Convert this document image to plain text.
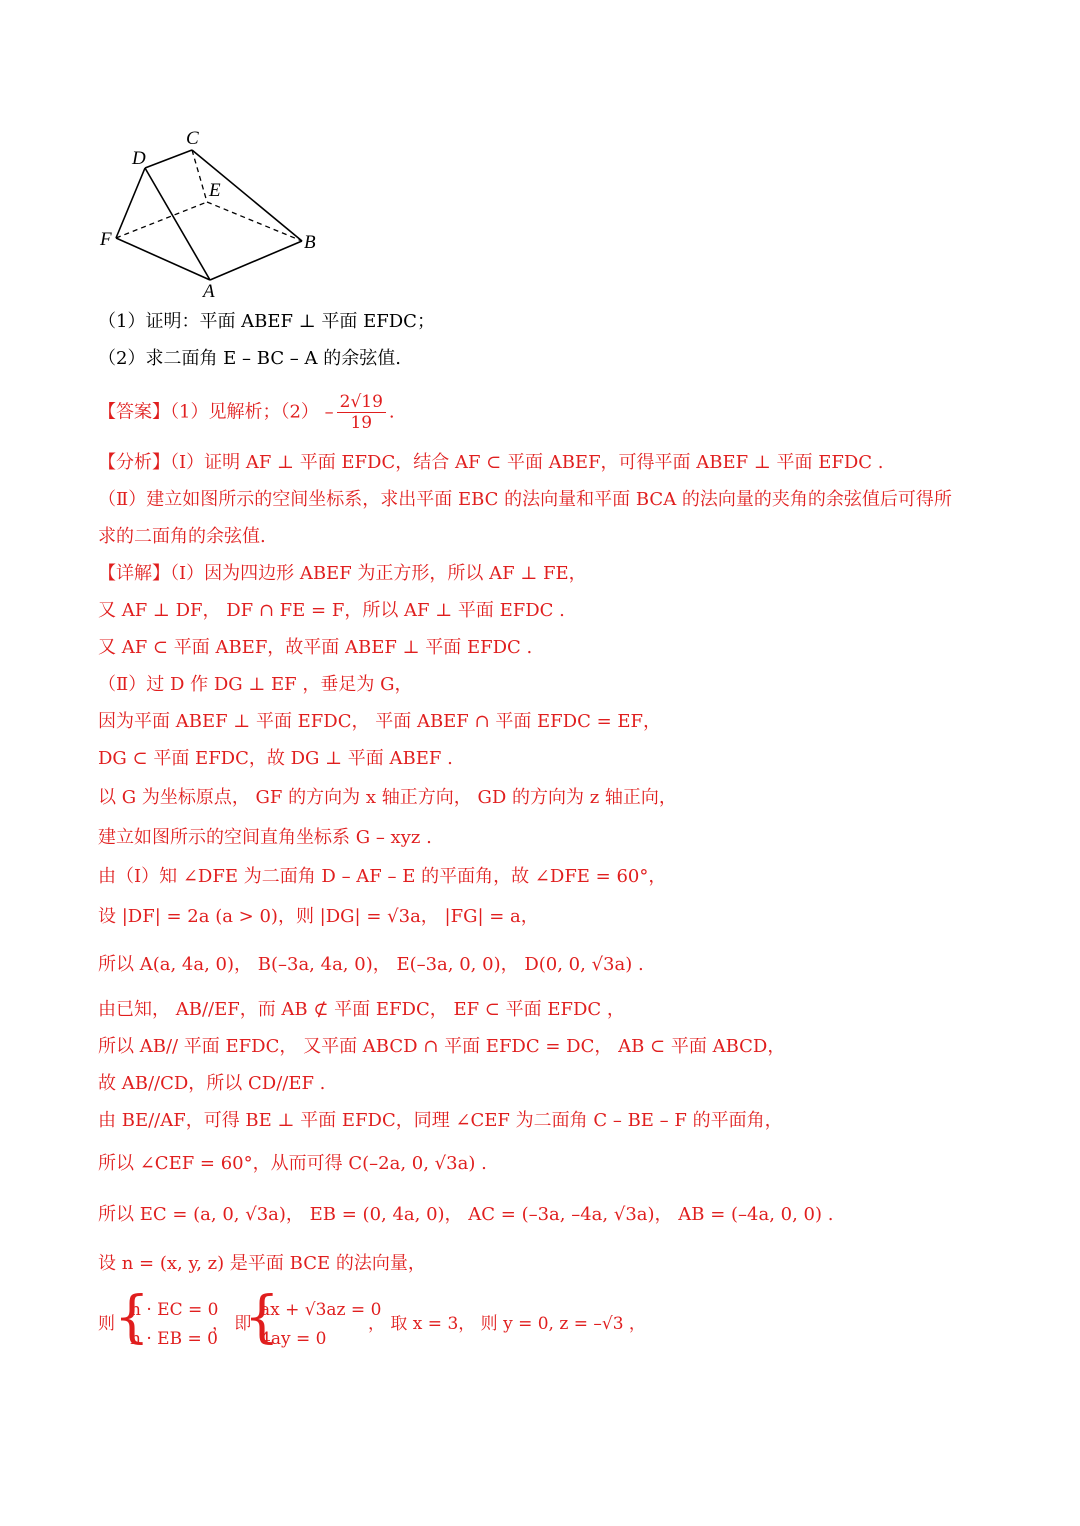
C
D
E
F	B
A
（1）证明：平面 ABEF ⊥ 平面 EFDC；
（2）求二面角 E – BC – A 的余弦值.
【答案】（1）见解析；$(2) - \frac{2√19}{19}$ .
【分析】（Ⅰ）证明 AF ⊥ 平面 EFDC，结合 AF ⊂ 平面 ABEF，可得平面 ABEF ⊥ 平面 EFDC .
（Ⅱ）建立如图所示的空间坐标系，求出平面 EBC 的法向量和平面 BCA 的法向量的夹角的余弦值后可得所
求的二面角的余弦值.
【详解】（Ⅰ）因为四边形 ABEF 为正方形，所以 AF ⊥ FE，
又 AF ⊥ DF， DF ∩ FE = F，所以 AF ⊥ 平面 EFDC .
又 AF ⊂ 平面 ABEF，故平面 ABEF ⊥ 平面 EFDC .
（Ⅱ）过 D 作 DG ⊥ EF ，垂足为 G，
因为平面 ABEF ⊥ 平面 EFDC， 平面 ABEF ∩ 平面 EFDC = EF，
DG ⊂ 平面 EFDC，故 DG ⊥ 平面 ABEF .
以 G 为坐标原点， GF 的方向为 x 轴正方向， GD 的方向为 z 轴正向，
建立如图所示的空间直角坐标系 G – xyz .
由（Ⅰ）知 ∠DFE 为二面角 D – AF – E 的平面角，故 ∠DFE = 60°，
设 |DF| = 2a (a > 0)，则 |DG| = √3a， |FG| = a，
所以 A(a, 4a, 0)， B(–3a, 4a, 0)， E(–3a, 0, 0)， D(0, 0, √3a) .
由已知， AB//EF，而 AB ⊄ 平面 EFDC， EF ⊂ 平面 EFDC ，
所以 AB// 平面 EFDC， 又平面 ABCD ∩ 平面 EFDC = DC， AB ⊂ 平面 ABCD，
故 AB//CD，所以 CD//EF .
由 BE//AF，可得 BE ⊥ 平面 EFDC，同理 ∠CEF 为二面角 C – BE – F 的平面角，
所以 ∠CEF = 60°，从而可得 C(–2a, 0, √3a) .
所以 EC = (a, 0, √3a)， EB = (0, 4a, 0)， AC = (–3a, –4a, √3a)， AB = (–4a, 0, 0) .
设 n = (x, y, z) 是平面 BCE 的法向量，
则 {
n · EC = 0
n · EB = 0
， 即
{
ax + √3az = 0
4ay = 0
， 取 x = 3， 则 y = 0, z = –√3 ，
